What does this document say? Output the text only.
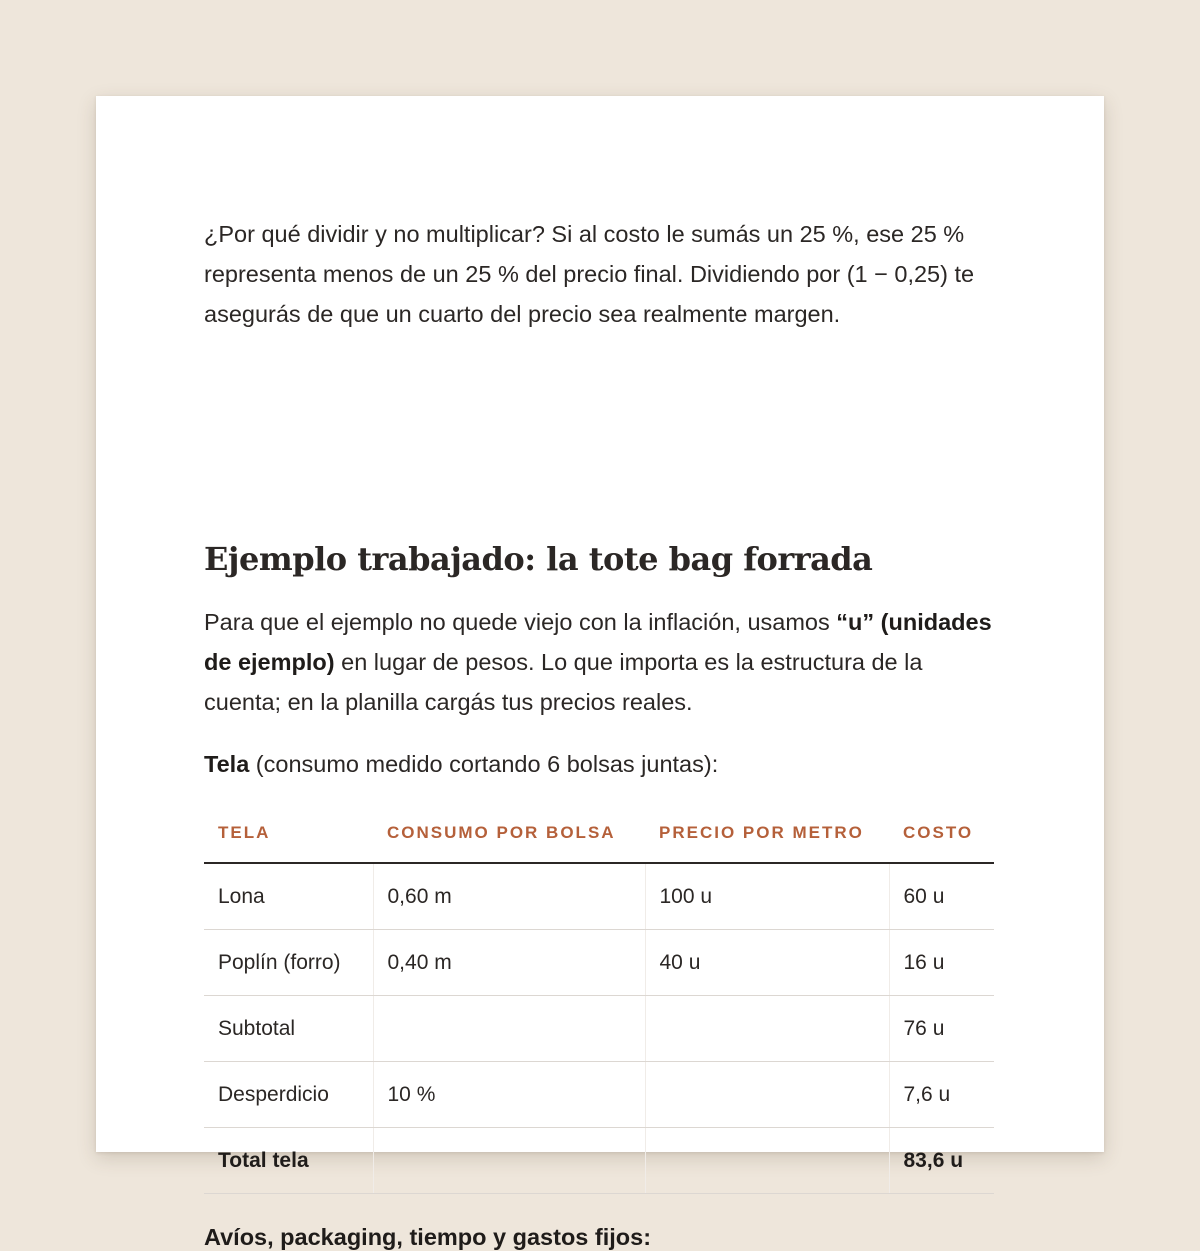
¿Por qué dividir y no multiplicar? Si al costo le sumás un 25 %, ese 25 % representa menos de un 25 % del precio final. Dividiendo por (1 − 0,25) te asegurás de que un cuarto del precio sea realmente margen.

Ejemplo trabajado: la tote bag forrada

Para que el ejemplo no quede viejo con la inflación, usamos “u” (unidades de ejemplo) en lugar de pesos. Lo que importa es la estructura de la cuenta; en la planilla cargás tus precios reales.

Tela (consumo medido cortando 6 bolsas juntas):

TELA	CONSUMO POR BOLSA	PRECIO POR METRO	COSTO
Lona	0,60 m	100 u	60 u
Poplín (forro)	0,40 m	40 u	16 u
Subtotal			76 u
Desperdicio	10 %		7,6 u
Total tela			83,6 u
Avíos, packaging, tiempo y gastos fijos:
